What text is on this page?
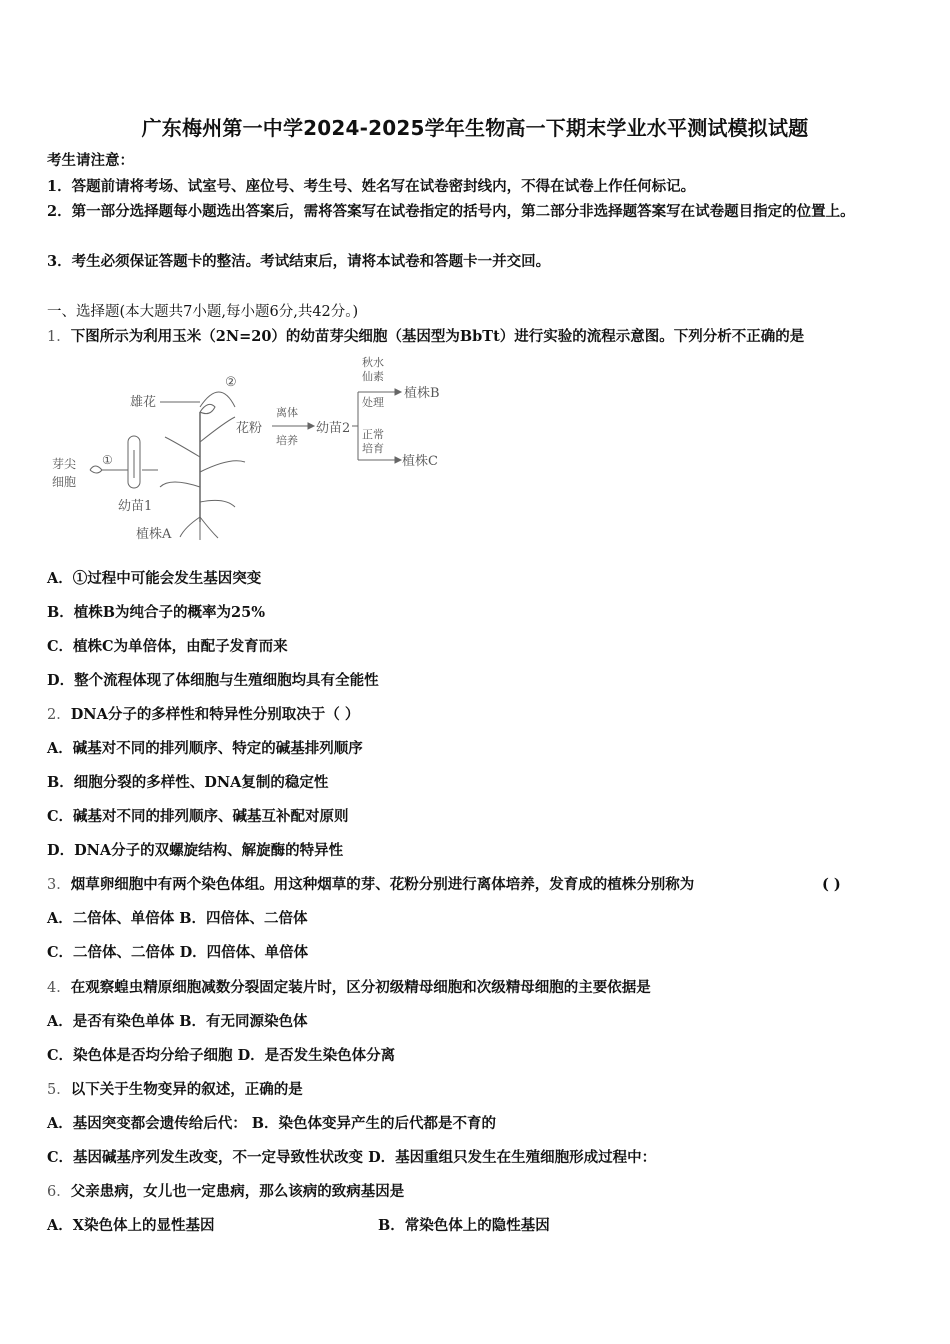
广东梅州第一中学2024-2025学年生物高一下期末学业水平测试模拟试题
考生请注意：
1．答题前请将考场、试室号、座位号、考生号、姓名写在试卷密封线内，不得在试卷上作任何标记。
2．第一部分选择题每小题选出答案后，需将答案写在试卷指定的括号内，第二部分非选择题答案写在试卷题目指定的位置上。
3．考生必须保证答题卡的整洁。考试结束后，请将本试卷和答题卡一并交回。
一、选择题(本大题共7小题,每小题6分,共42分。)
1．下图所示为利用玉米（2N=20）的幼苗芽尖细胞（基因型为BbTt）进行实验的流程示意图。下列分析不正确的是
雄花
②
花粉
离体
培养
幼苗2
秋水
仙素
处理
植株B
正常
培育
植株C
芽尖
细胞
①
幼苗1
植株A
A．①过程中可能会发生基因突变
B．植株B为纯合子的概率为25%
C．植株C为单倍体，由配子发育而来
D．整个流程体现了体细胞与生殖细胞均具有全能性
2．DNA分子的多样性和特异性分别取决于（ ）
A．碱基对不同的排列顺序、特定的碱基排列顺序
B．细胞分裂的多样性、DNA复制的稳定性
C．碱基对不同的排列顺序、碱基互补配对原则
D．DNA分子的双螺旋结构、解旋酶的特异性
3．烟草卵细胞中有两个染色体组。用这种烟草的芽、花粉分别进行离体培养，发育成的植株分别称为	( )
A．二倍体、单倍体 B．四倍体、二倍体
C．二倍体、二倍体 D．四倍体、单倍体
4．在观察蝗虫精原细胞减数分裂固定装片时，区分初级精母细胞和次级精母细胞的主要依据是
A．是否有染色单体 B．有无同源染色体
C．染色体是否均分给子细胞 D．是否发生染色体分离
5．以下关于生物变异的叙述，正确的是
A．基因突变都会遗传给后代： B．染色体变异产生的后代都是不育的
C．基因碱基序列发生改变，不一定导致性状改变 D．基因重组只发生在生殖细胞形成过程中：
6．父亲患病，女儿也一定患病，那么该病的致病基因是
A．X染色体上的显性基因	B．常染色体上的隐性基因
